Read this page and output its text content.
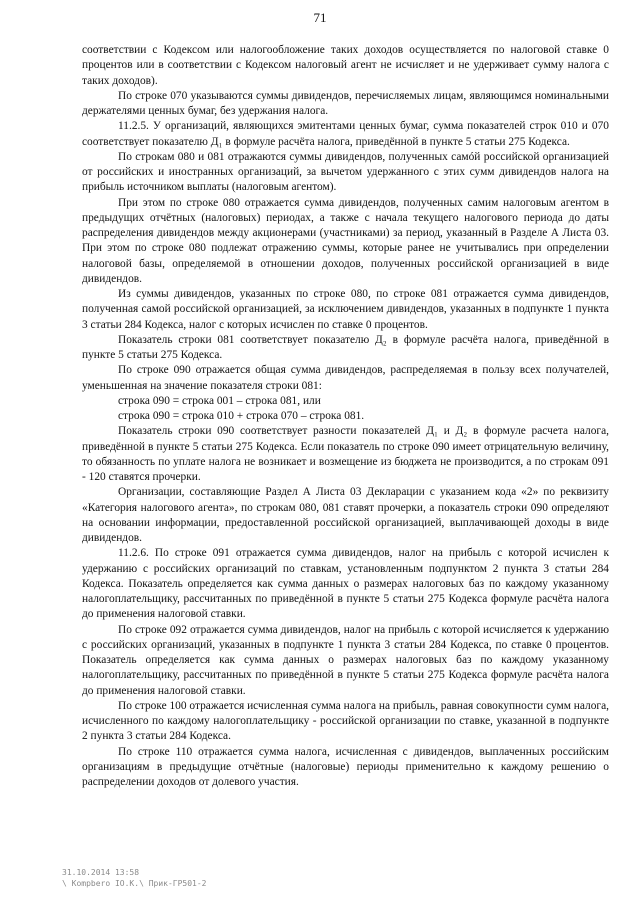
71

соответствии с Кодексом или налогообложение таких доходов осуществляется по налоговой ставке 0 процентов или в соответствии с Кодексом налоговый агент не исчисляет и не удерживает сумму налога с таких доходов).

По строке 070 указываются суммы дивидендов, перечисляемых лицам, являющимся номинальными держателями ценных бумаг, без удержания налога.

11.2.5. У организаций, являющихся эмитентами ценных бумаг, сумма показателей строк 010 и 070 соответствует показателю Д₁ в формуле расчёта налога, приведённой в пункте 5 статьи 275 Кодекса.

По строкам 080 и 081 отражаются суммы дивидендов, полученных самóй российской организацией от российских и иностранных организаций, за вычетом удержанного с этих сумм дивидендов налога на прибыль источником выплаты (налоговым агентом).

При этом по строке 080 отражается сумма дивидендов, полученных самим налоговым агентом в предыдущих отчётных (налоговых) периодах, а также с начала текущего налогового периода до даты распределения дивидендов между акционерами (участниками) за период, указанный в Разделе А Листа 03. При этом по строке 080 подлежат отражению суммы, которые ранее не учитывались при определении налоговой базы, определяемой в отношении доходов, полученных российской организацией в виде дивидендов.

Из суммы дивидендов, указанных по строке 080, по строке 081 отражается сумма дивидендов, полученная самой российской организацией, за исключением дивидендов, указанных в подпункте 1 пункта 3 статьи 284 Кодекса, налог с которых исчислен по ставке 0 процентов.

Показатель строки 081 соответствует показателю Д₂ в формуле расчёта налога, приведённой в пункте 5 статьи 275 Кодекса.

По строке 090 отражается общая сумма дивидендов, распределяемая в пользу всех получателей, уменьшенная на значение показателя строки 081:

строка 090 = строка 001 – строка 081, или

строка 090 = строка 010 + строка 070 – строка 081.

Показатель строки 090 соответствует разности показателей Д₁ и Д₂ в формуле расчета налога, приведённой в пункте 5 статьи 275 Кодекса. Если показатель по строке 090 имеет отрицательную величину, то обязанность по уплате налога не возникает и возмещение из бюджета не производится, а по строкам 091 - 120 ставятся прочерки.

Организации, составляющие Раздел А Листа 03 Декларации с указанием кода «2» по реквизиту «Категория налогового агента», по строкам 080, 081 ставят прочерки, а показатель строки 090 определяют на основании информации, предоставленной российской организацией, выплачивающей доходы в виде дивидендов.

11.2.6. По строке 091 отражается сумма дивидендов, налог на прибыль с которой исчислен к удержанию с российских организаций по ставкам, установленным подпунктом 2 пункта 3 статьи 284 Кодекса. Показатель определяется как сумма данных о размерах налоговых баз по каждому указанному налогоплательщику, рассчитанных по приведённой в пункте 5 статьи 275 Кодекса формуле расчёта налога до применения налоговой ставки.

По строке 092 отражается сумма дивидендов, налог на прибыль с которой исчисляется к удержанию с российских организаций, указанных в подпункте 1 пункта 3 статьи 284 Кодекса, по ставке 0 процентов. Показатель определяется как сумма данных о размерах налоговых баз по каждому указанному налогоплательщику, рассчитанных по приведённой в пункте 5 статьи 275 Кодекса формуле расчёта налога до применения налоговой ставки.

По строке 100 отражается исчисленная сумма налога на прибыль, равная совокупности сумм налога, исчисленного по каждому налогоплательщику - российской организации по ставке, указанной в подпункте 2 пункта 3 статьи 284 Кодекса.

По строке 110 отражается сумма налога, исчисленная с дивидендов, выплаченных российским организациям в предыдущие отчётные (налоговые) периоды применительно к каждому решению о распределении доходов от долевого участия.

31.10.2014 13:58
\ Kompbero IO.K.\ Прик-ГР501-2
